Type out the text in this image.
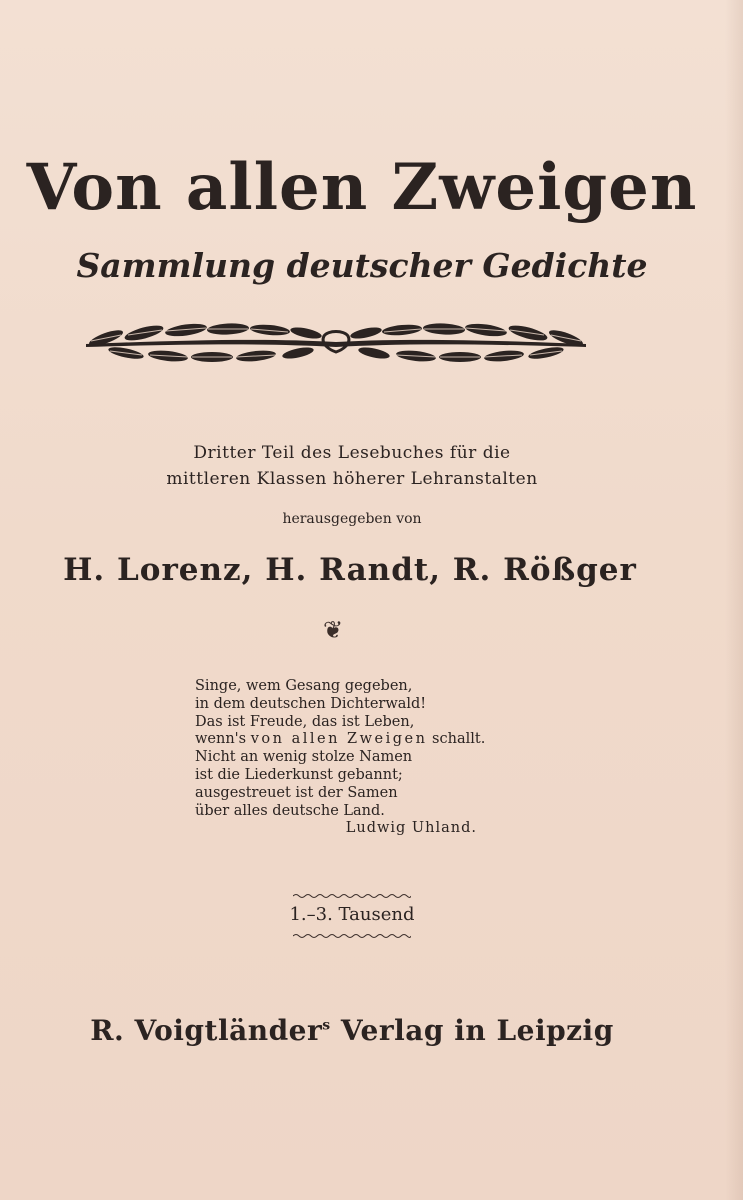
Von allen Zweigen
Sammlung deutscher Gedichte
Dritter Teil des Lesebuches für die
mittleren Klassen höherer Lehranstalten
herausgegeben von
H. Lorenz, H. Randt, R. Rößger
❦
Singe, wem Gesang gegeben,
in dem deutschen Dichterwald!
Das ist Freude, das ist Leben,
wenn's von allen Zweigen schallt.
Nicht an wenig stolze Namen
ist die Liederkunst gebannt;
ausgestreuet ist der Samen
über alles deutsche Land.
Ludwig Uhland.
1.–3. Tausend
R. Voigtländer$^s$ Verlag in Leipzig
